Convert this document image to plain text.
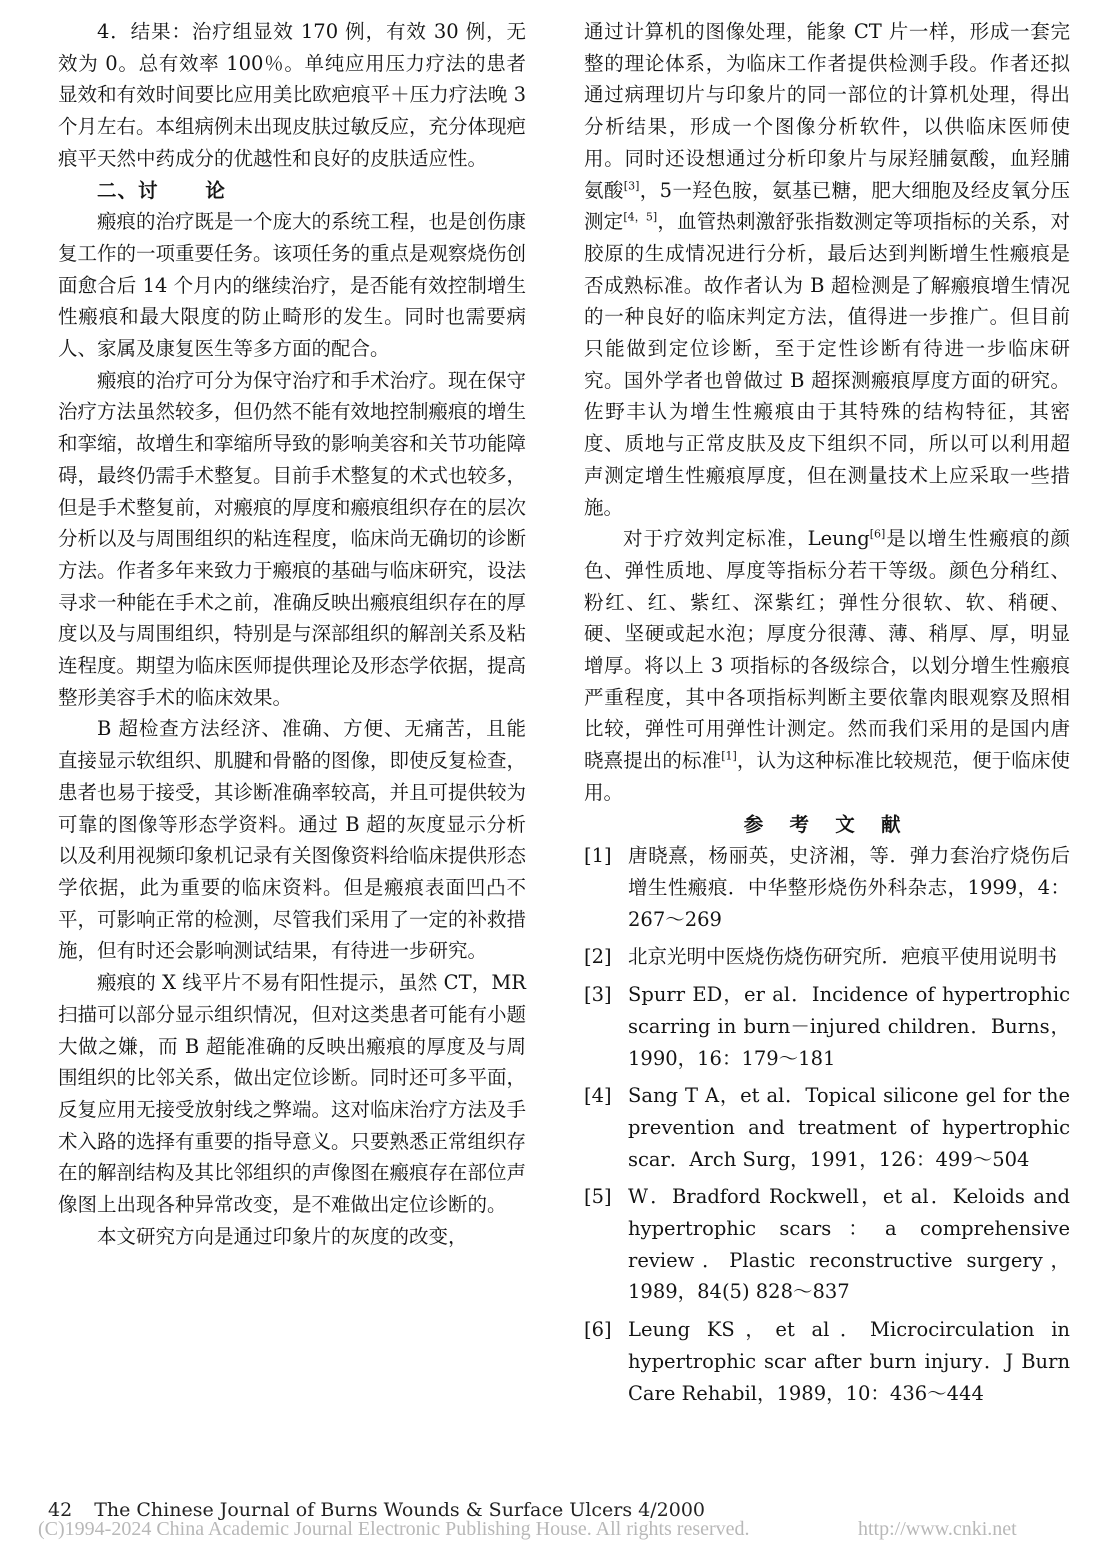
4．结果：治疗组显效 170 例，有效 30 例，无效为 0。总有效率 100％。单纯应用压力疗法的患者显效和有效时间要比应用美比欧疤痕平＋压力疗法晚 3 个月左右。本组病例未出现皮肤过敏反应，充分体现疤痕平天然中药成分的优越性和良好的皮肤适应性。

二、讨 论

瘢痕的治疗既是一个庞大的系统工程，也是创伤康复工作的一项重要任务。该项任务的重点是观察烧伤创面愈合后 14 个月内的继续治疗，是否能有效控制增生性瘢痕和最大限度的防止畸形的发生。同时也需要病人、家属及康复医生等多方面的配合。

瘢痕的治疗可分为保守治疗和手术治疗。现在保守治疗方法虽然较多，但仍然不能有效地控制瘢痕的增生和挛缩，故增生和挛缩所导致的影响美容和关节功能障碍，最终仍需手术整复。目前手术整复的术式也较多，但是手术整复前，对瘢痕的厚度和瘢痕组织存在的层次分析以及与周围组织的粘连程度，临床尚无确切的诊断方法。作者多年来致力于瘢痕的基础与临床研究，设法寻求一种能在手术之前，准确反映出瘢痕组织存在的厚度以及与周围组织，特别是与深部组织的解剖关系及粘连程度。期望为临床医师提供理论及形态学依据，提高整形美容手术的临床效果。

B 超检查方法经济、准确、方便、无痛苦，且能直接显示软组织、肌腱和骨骼的图像，即使反复检查，患者也易于接受，其诊断准确率较高，并且可提供较为可靠的图像等形态学资料。通过 B 超的灰度显示分析以及利用视频印象机记录有关图像资料给临床提供形态学依据，此为重要的临床资料。但是瘢痕表面凹凸不平，可影响正常的检测，尽管我们采用了一定的补救措施，但有时还会影响测试结果，有待进一步研究。

瘢痕的 X 线平片不易有阳性提示，虽然 CT，MR 扫描可以部分显示组织情况，但对这类患者可能有小题大做之嫌，而 B 超能准确的反映出瘢痕的厚度及与周围组织的比邻关系，做出定位诊断。同时还可多平面，反复应用无接受放射线之弊端。这对临床治疗方法及手术入路的选择有重要的指导意义。只要熟悉正常组织存在的解剖结构及其比邻组织的声像图在瘢痕存在部位声像图上出现各种异常改变，是不难做出定位诊断的。

本文研究方向是通过印象片的灰度的改变，

通过计算机的图像处理，能象 CT 片一样，形成一套完整的理论体系，为临床工作者提供检测手段。作者还拟通过病理切片与印象片的同一部位的计算机处理，得出分析结果，形成一个图像分析软件，以供临床医师使用。同时还设想通过分析印象片与尿羟脯氨酸，血羟脯氨酸[3]，5一羟色胺，氨基已糖，肥大细胞及经皮氧分压测定[4，5]，血管热刺激舒张指数测定等项指标的关系，对胶原的生成情况进行分析，最后达到判断增生性瘢痕是否成熟标准。故作者认为 B 超检测是了解瘢痕增生情况的一种良好的临床判定方法，值得进一步推广。但目前只能做到定位诊断，至于定性诊断有待进一步临床研究。国外学者也曾做过 B 超探测瘢痕厚度方面的研究。佐野丰认为增生性瘢痕由于其特殊的结构特征，其密度、质地与正常皮肤及皮下组织不同，所以可以利用超声测定增生性瘢痕厚度，但在测量技术上应采取一些措施。

对于疗效判定标准，Leung[6]是以增生性瘢痕的颜色、弹性质地、厚度等指标分若干等级。颜色分稍红、粉红、红、紫红、深紫红；弹性分很软、软、稍硬、硬、坚硬或起水泡；厚度分很薄、薄、稍厚、厚，明显增厚。将以上 3 项指标的各级综合，以划分增生性瘢痕严重程度，其中各项指标判断主要依靠肉眼观察及照相比较，弹性可用弹性计测定。然而我们采用的是国内唐晓熹提出的标准[1]，认为这种标准比较规范，便于临床使用。

参 考 文 献

[1] 唐晓熹，杨丽英，史济湘，等．弹力套治疗烧伤后增生性瘢痕．中华整形烧伤外科杂志，1999，4：267～269
[2] 北京光明中医烧伤烧伤研究所．疤痕平使用说明书
[3] Spurr ED，er al．Incidence of hypertrophic scarring in burn－injured children．Burns，1990，16：179～181
[4] Sang T A，et al．Topical silicone gel for the prevention and treatment of hypertrophic scar．Arch Surg，1991，126：499～504
[5] W．Bradford Rockwell，et al．Keloids and hypertrophic scars：a comprehensive review．Plastic reconstructive surgery，1989，84(5) 828～837
[6] Leung KS，et al．Microcirculation in hypertrophic scar after burn injury．J Burn Care Rehabil，1989，10：436～444
42 The Chinese Journal of Burns Wounds & Surface Ulcers 4/2000
(C)1994-2024 China Academic Journal Electronic Publishing House. All rights reserved.	http://www.cnki.net
